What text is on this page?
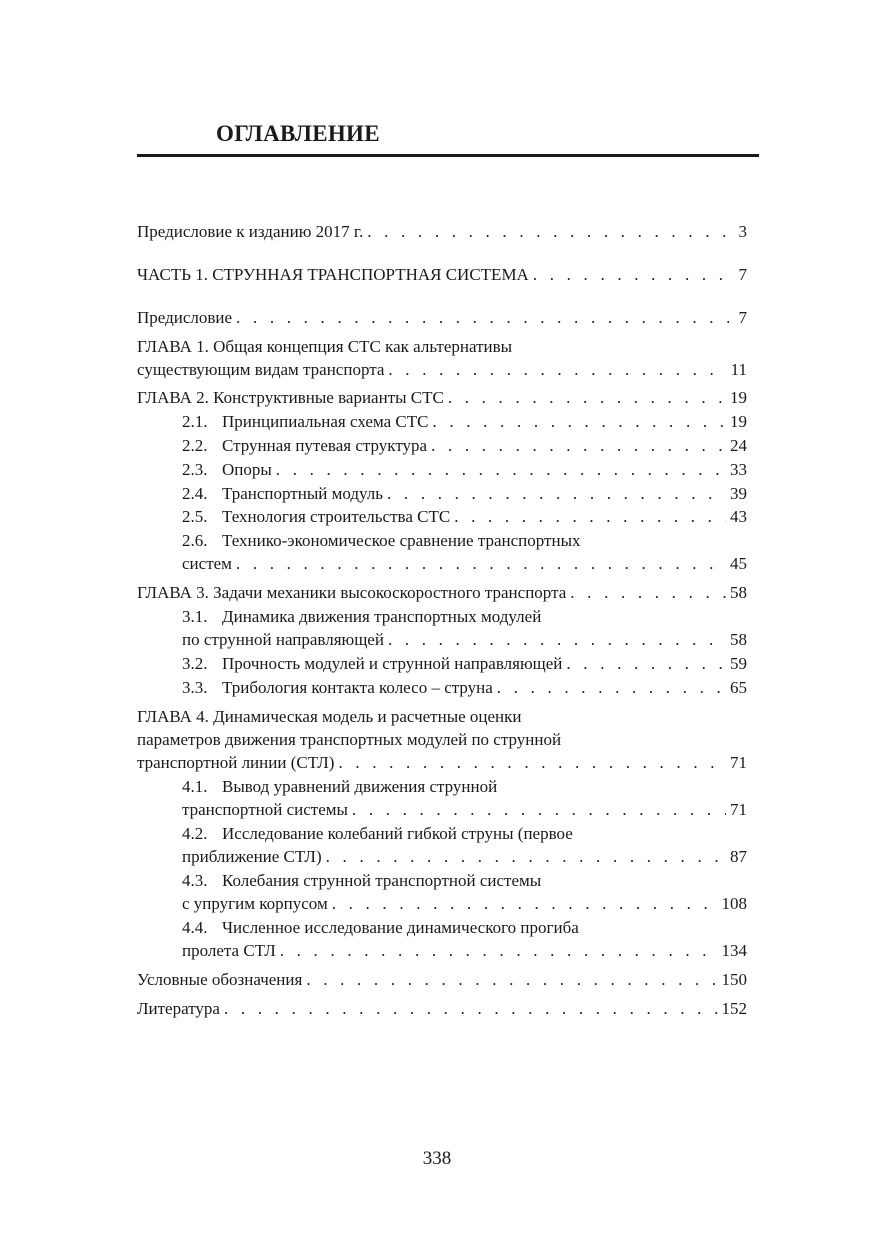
ОГЛАВЛЕНИЕ
Предисловие к изданию 2017 г. . . .	3
ЧАСТЬ 1. СТРУННАЯ ТРАНСПОРТНАЯ СИСТЕМА . . .	7
Предисловие . . .	7
ГЛАВА 1. Общая концепция СТС как альтернативы
существующим видам транспорта . . .	11
ГЛАВА 2. Конструктивные варианты СТС . . .	19
2.1. Принципиальная схема СТС . . .	19
2.2. Струнная путевая структура . . .	24
2.3. Опоры . . .	33
2.4. Транспортный модуль . . .	39
2.5. Технология строительства СТС . . .	43
2.6. Технико-экономическое сравнение транспортных
систем . . .	45
ГЛАВА 3. Задачи механики высокоскоростного транспорта . . .	58
3.1. Динамика движения транспортных модулей
по струнной направляющей . . .	58
3.2. Прочность модулей и струнной направляющей . . .	59
3.3. Трибология контакта колесо – струна . . .	65
ГЛАВА 4. Динамическая модель и расчетные оценки
параметров движения транспортных модулей по струнной
транспортной линии (СТЛ) . . .	71
4.1. Вывод уравнений движения струнной
транспортной системы . . .	71
4.2. Исследование колебаний гибкой струны (первое
приближение СТЛ) . . .	87
4.3. Колебания струнной транспортной системы
с упругим корпусом . . .	108
4.4. Численное исследование динамического прогиба
пролета СТЛ . . .	134
Условные обозначения . . .	150
Литература . . .	152
338
